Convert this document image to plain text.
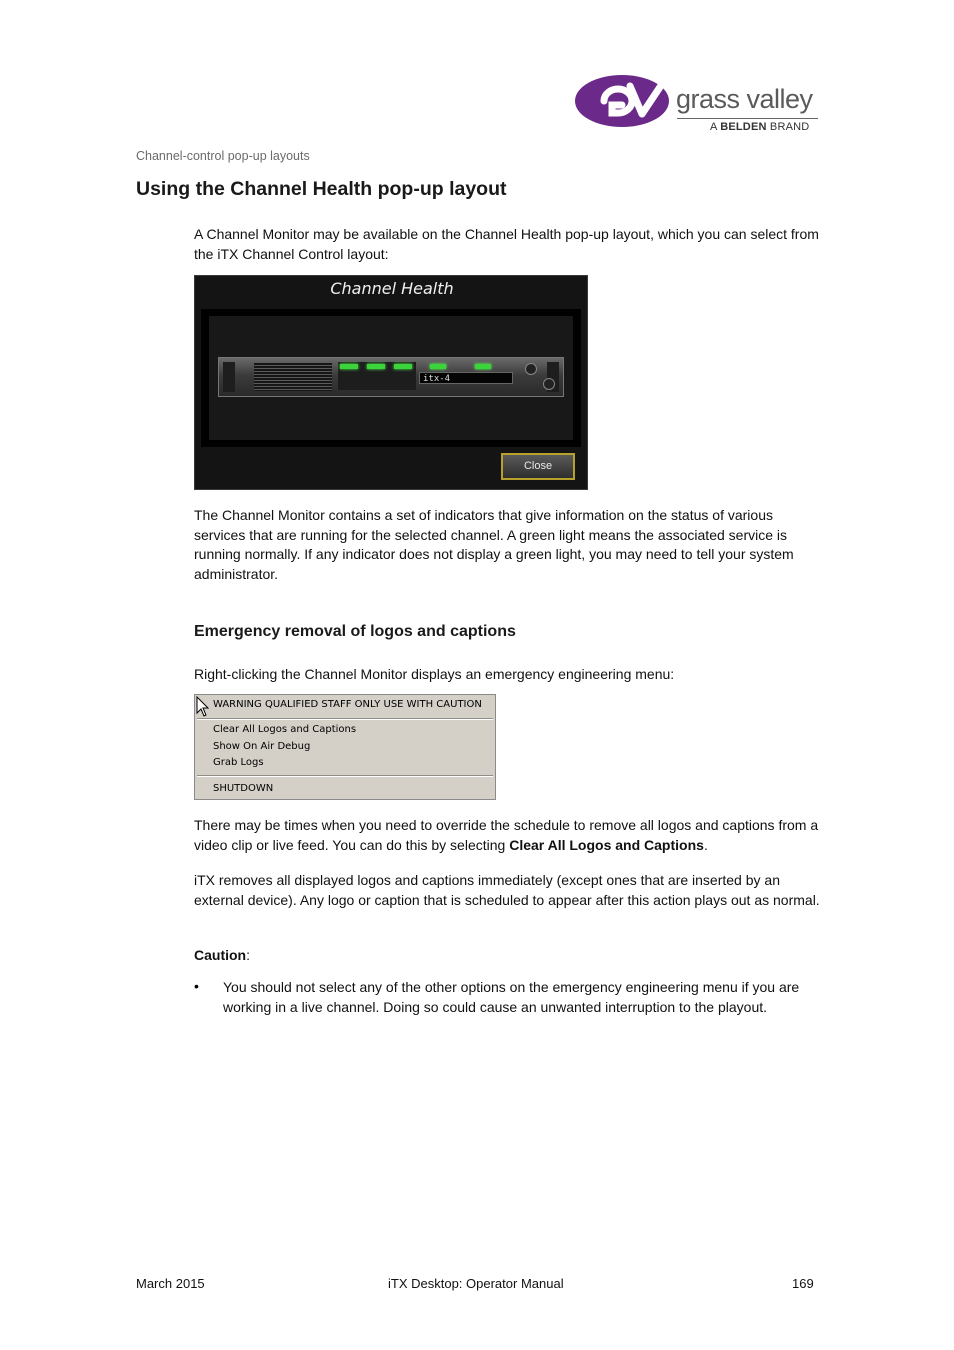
grass valley
A BELDEN BRAND
Channel-control pop-up layouts
Using the Channel Health pop-up layout

A Channel Monitor may be available on the Channel Health pop-up layout, which you can select from the iTX Channel Control layout:

Channel Health
itx-4
Close

The Channel Monitor contains a set of indicators that give information on the status of various services that are running for the selected channel. A green light means the associated service is running normally. If any indicator does not display a green light, you may need to tell your system administrator.

Emergency removal of logos and captions

Right-clicking the Channel Monitor displays an emergency engineering menu:

WARNING QUALIFIED STAFF ONLY USE WITH CAUTION
Clear All Logos and Captions
Show On Air Debug
Grab Logs
SHUTDOWN

There may be times when you need to override the schedule to remove all logos and captions from a video clip or live feed. You can do this by selecting Clear All Logos and Captions.

iTX removes all displayed logos and captions immediately (except ones that are inserted by an external device). Any logo or caption that is scheduled to appear after this action plays out as normal.

Caution:

• You should not select any of the other options on the emergency engineering menu if you are working in a live channel. Doing so could cause an unwanted interruption to the playout.

March 2015	iTX Desktop: Operator Manual	169
